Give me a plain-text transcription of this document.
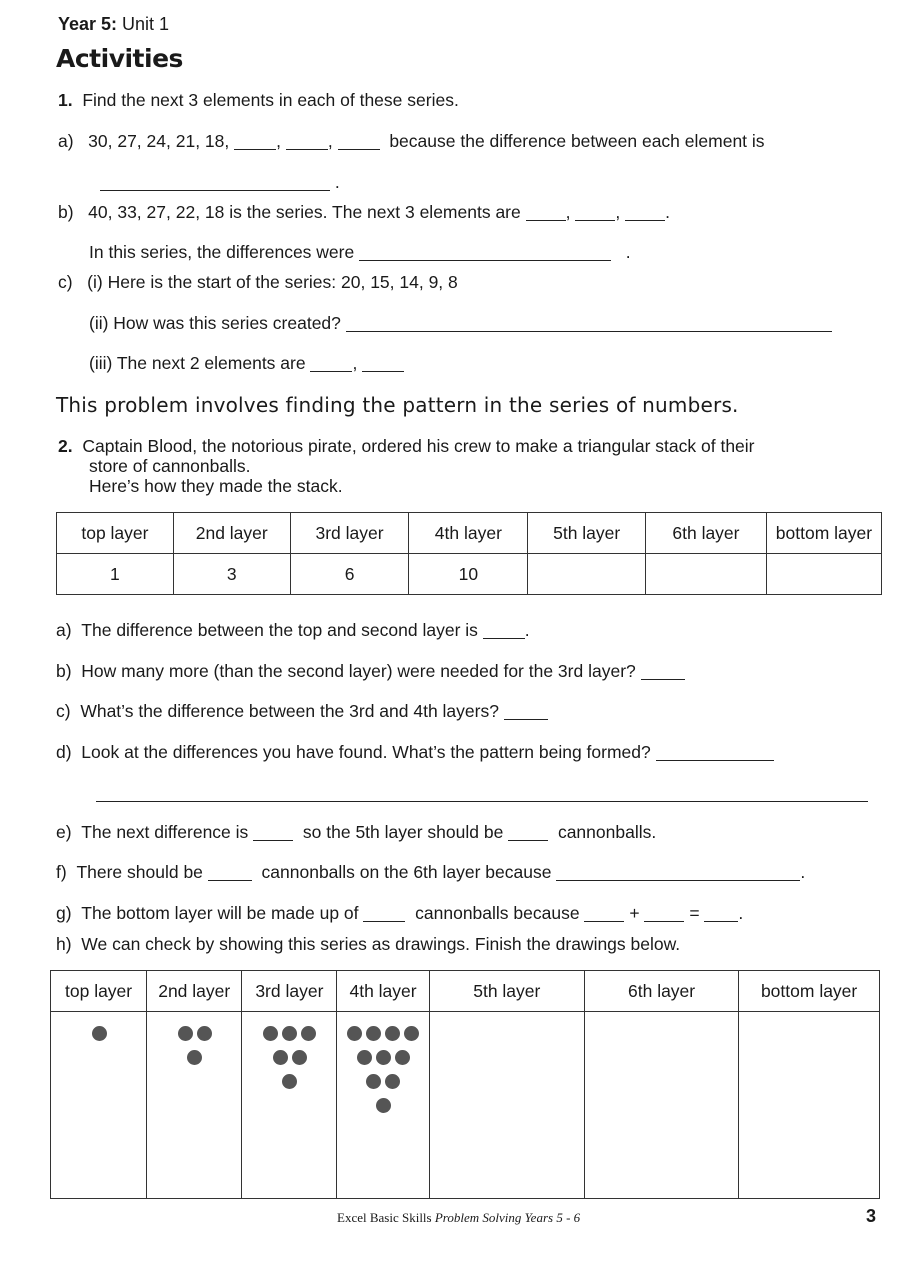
Year 5: Unit 1
Activities
1. Find the next 3 elements in each of these series.
a) 30, 27, 24, 21, 18,	, ,	because the difference between each element is
.
b) 40, 33, 27, 22, 18 is the series. The next 3 elements are	, , .
In this series, the differences were	.
c) (i) Here is the start of the series: 20, 15, 14, 9, 8
(ii) How was this series created?
(iii) The next 2 elements are	,
This problem involves finding the pattern in the series of numbers.
2. Captain Blood, the notorious pirate, ordered his crew to make a triangular stack of their
store of cannonballs.
Here’s how they made the stack.
top layer	2nd layer	3rd layer	4th layer	5th layer	6th layer	bottom layer
1	3	6	10			
a) The difference between the top and second layer is	.
b) How many more (than the second layer) were needed for the 3rd layer?
c) What’s the difference between the 3rd and 4th layers?
d) Look at the differences you have found. What’s the pattern being formed?
e) The next difference is	so the 5th layer should be	cannonballs.
f) There should be	cannonballs on the 6th layer because	.
g) The bottom layer will be made up of	cannonballs because	+	= .
h) We can check by showing this series as drawings. Finish the drawings below.
top layer	2nd layer	3rd layer	4th layer	5th layer	6th layer	bottom layer

Excel Basic Skills Problem Solving Years 5 - 6	3
